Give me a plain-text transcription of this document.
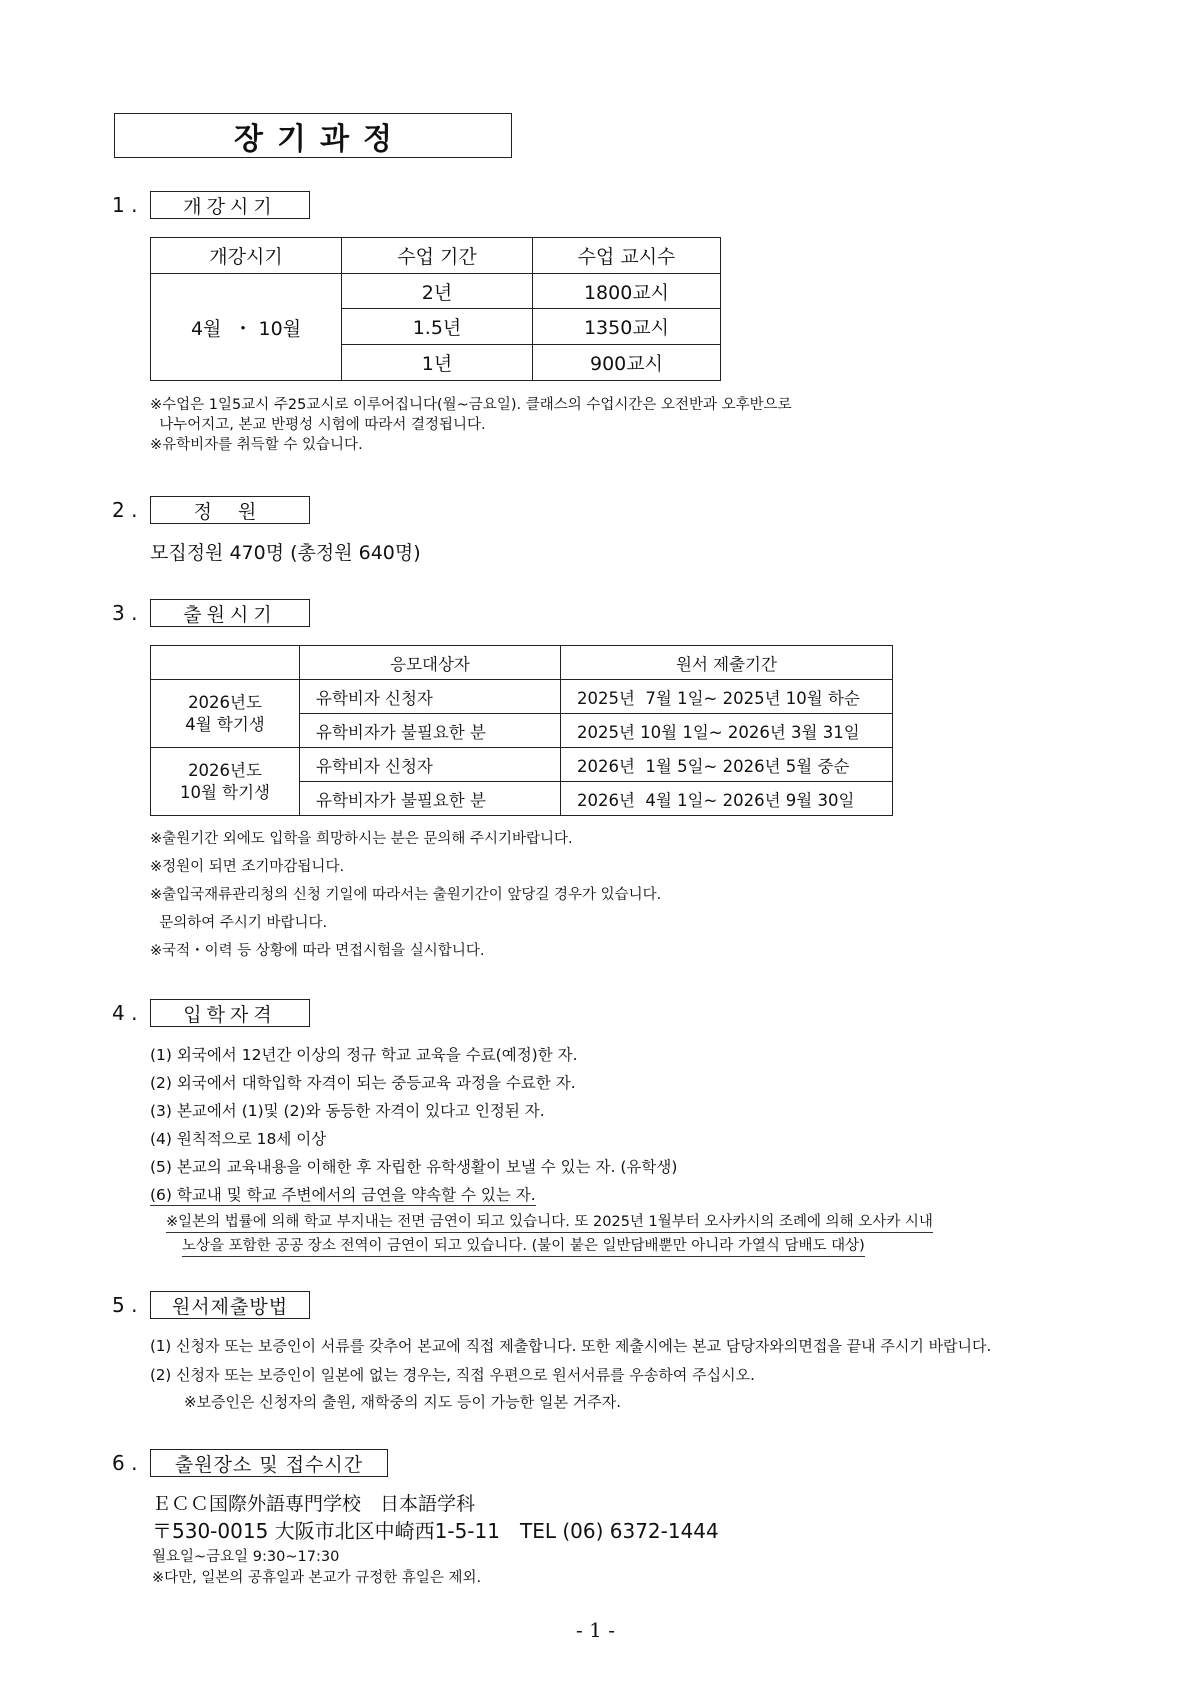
장기과정
1 .	개강시기
개강시기	수업 기간	수업 교시수
4월  ・ 10월	2년	1800교시
	1.5년	1350교시
	1년	900교시
※수업은 1일5교시 주25교시로 이루어집니다(월~금요일). 클래스의 수업시간은 오전반과 오후반으로
나누어지고, 본교 반평성 시험에 따라서 결정됩니다.
※유학비자를 취득할 수 있습니다.
2 .	정 원
모집정원 470명 (총정원 640명)
3 .	출원시기
	응모대상자	원서 제출기간

2026년도
4월 학기생	유학비자 신청자	2025년  7월 1일~ 2025년 10월 하순
	유학비자가 불필요한 분	2025년 10월 1일~ 2026년 3월 31일

2026년도
10월 학기생	유학비자 신청자	2026년  1월 5일~ 2026년 5월 중순
	유학비자가 불필요한 분	2026년  4월 1일~ 2026년 9월 30일
※출원기간 외에도 입학을 희망하시는 분은 문의해 주시기바랍니다.
※정원이 되면 조기마감됩니다.
※출입국재류관리청의 신청 기일에 따라서는 출원기간이 앞당길 경우가 있습니다.
문의하여 주시기 바랍니다.
※국적・이력 등 상황에 따라 면접시험을 실시합니다.
4 .	입학자격
(1) 외국에서 12년간 이상의 정규 학교 교육을 수료(예정)한 자.
(2) 외국에서 대학입학 자격이 되는 중등교육 과정을 수료한 자.
(3) 본교에서 (1)및 (2)와 동등한 자격이 있다고 인정된 자.
(4) 원칙적으로 18세 이상
(5) 본교의 교육내용을 이해한 후 자립한 유학생활이 보낼 수 있는 자. (유학생)
(6) 학교내 및 학교 주변에서의 금연을 약속할 수 있는 자.
※일본의 법률에 의해 학교 부지내는 전면 금연이 되고 있습니다. 또 2025년 1월부터 오사카시의 조례에 의해 오사카 시내
노상을 포함한 공공 장소 전역이 금연이 되고 있습니다. (불이 붙은 일반담배뿐만 아니라 가열식 담배도 대상)
5 .	원서제출방법
(1) 신청자 또는 보증인이 서류를 갖추어 본교에 직접 제출합니다. 또한 제출시에는 본교 담당자와의면접을 끝내 주시기 바랍니다.
(2) 신청자 또는 보증인이 일본에 없는 경우는, 직접 우편으로 원서서류를 우송하여 주십시오.
※보증인은 신청자의 출원, 재학중의 지도 등이 가능한 일본 거주자.
6 .	출원장소 및 접수시간
ＥＣＣ国際外語専門学校　日本語学科
〒530-0015 大阪市北区中崎西1-5-11　TEL (06) 6372-1444
월요일~금요일 9:30~17:30
※다만, 일본의 공휴일과 본교가 규정한 휴일은 제외.
- 1 -
